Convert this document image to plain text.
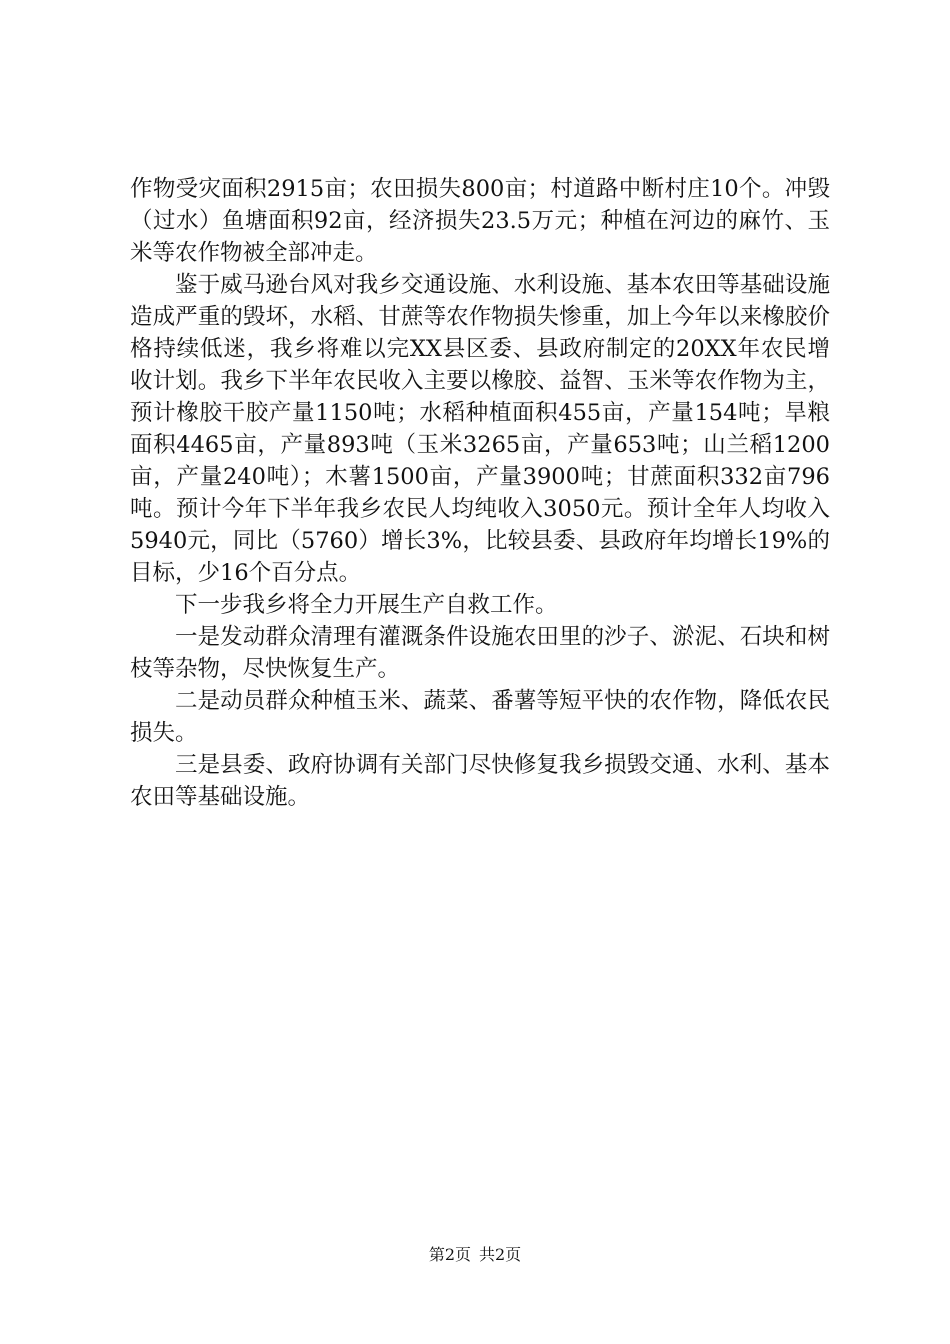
作物受灾面积2915亩；农田损失800亩；村道路中断村庄10个。冲毁（过水）鱼塘面积92亩，经济损失23.5万元；种植在河边的麻竹、玉米等农作物被全部冲走。

鉴于威马逊台风对我乡交通设施、水利设施、基本农田等基础设施造成严重的毁坏，水稻、甘蔗等农作物损失惨重，加上今年以来橡胶价格持续低迷，我乡将难以完XX县区委、县政府制定的20XX年农民增收计划。我乡下半年农民收入主要以橡胶、益智、玉米等农作物为主，预计橡胶干胶产量1150吨；水稻种植面积455亩，产量154吨；旱粮面积4465亩，产量893吨（玉米3265亩，产量653吨；山兰稻1200亩，产量240吨）；木薯1500亩，产量3900吨；甘蔗面积332亩796吨。预计今年下半年我乡农民人均纯收入3050元。预计全年人均收入5940元，同比（5760）增长3%，比较县委、县政府年均增长19%的目标，少16个百分点。

下一步我乡将全力开展生产自救工作。

一是发动群众清理有灌溉条件设施农田里的沙子、淤泥、石块和树枝等杂物，尽快恢复生产。

二是动员群众种植玉米、蔬菜、番薯等短平快的农作物，降低农民损失。

三是县委、政府协调有关部门尽快修复我乡损毁交通、水利、基本农田等基础设施。

第2页 共2页
